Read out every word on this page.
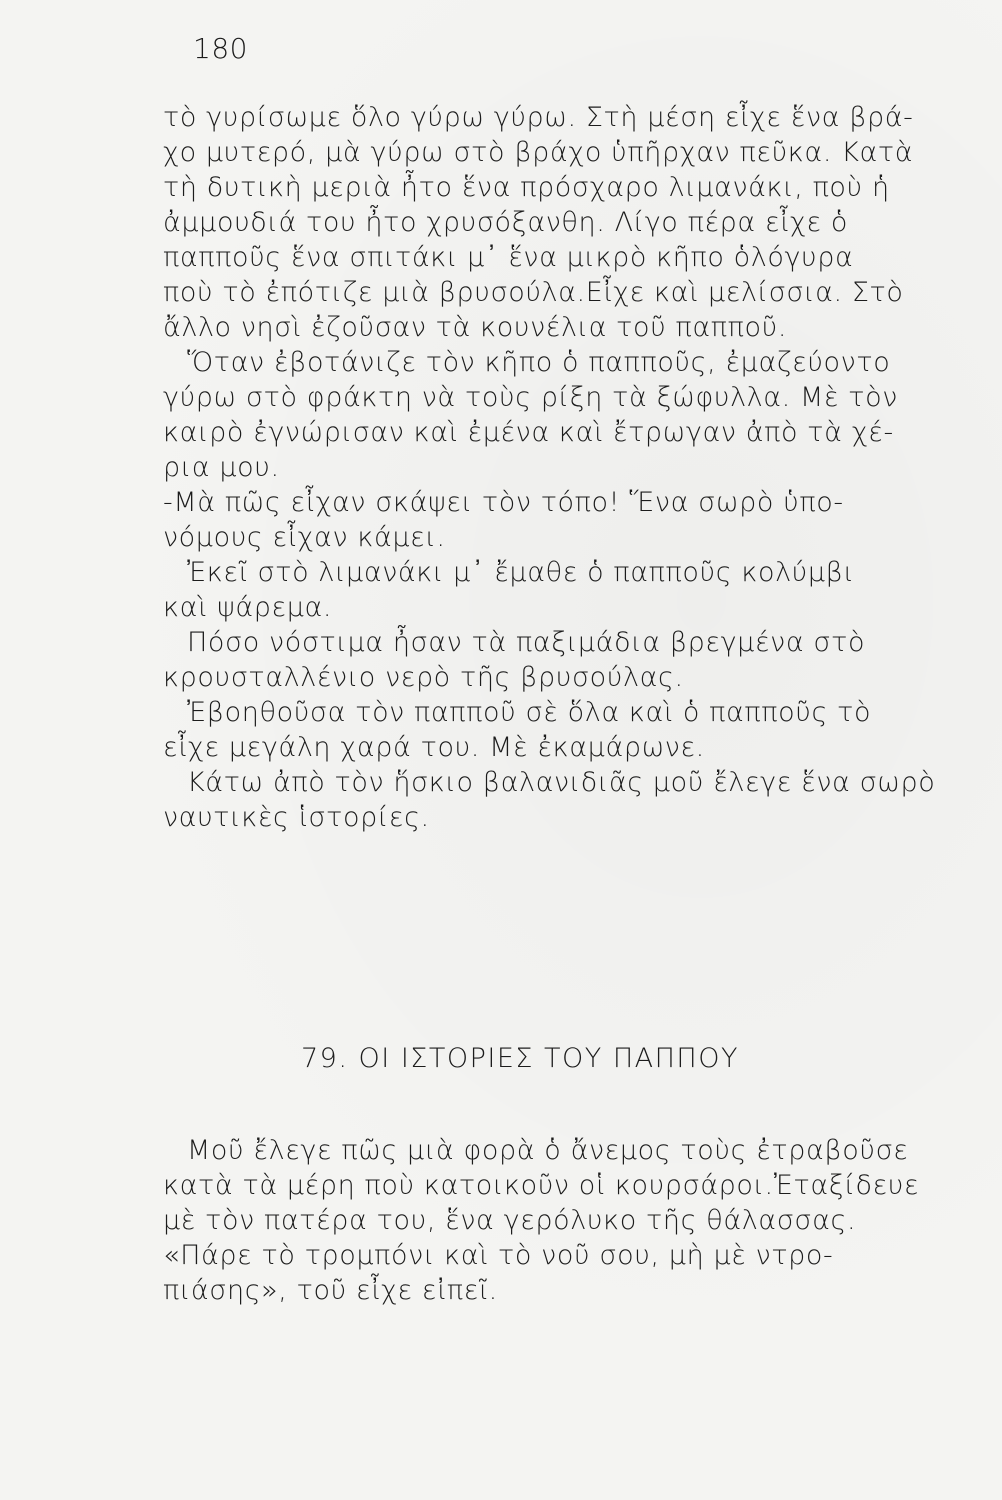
180
τὸ γυρίσωμε ὅλο γύρω γύρω. Στὴ μέση εἶχε ἕνα βρά-
χο μυτερό, μὰ γύρω στὸ βράχο ὑπῆρχαν πεῦκα. Κατὰ
τὴ δυτικὴ μεριὰ ἦτο ἕνα πρόσχαρο λιμανάκι, ποὺ ἡ
ἀμμουδιά του ἦτο χρυσόξανθη. Λίγο πέρα εἶχε ὁ
παπποῦς ἕνα σπιτάκι μ᾽ ἕνα μικρὸ κῆπο ὁλόγυρα
ποὺ τὸ ἐπότιζε μιὰ βρυσούλα.Εἶχε καὶ μελίσσια. Στὸ
ἄλλο νησὶ ἐζοῦσαν τὰ κουνέλια τοῦ παπποῦ.
Ὅταν ἐβοτάνιζε τὸν κῆπο ὁ παπποῦς, ἐμαζεύοντο
γύρω στὸ φράκτη νὰ τοὺς ρίξη τὰ ξώφυλλα. Μὲ τὸν
καιρὸ ἐγνώρισαν καὶ ἐμένα καὶ ἔτρωγαν ἀπὸ τὰ χέ-
ρια μου.
-Μὰ πῶς εἶχαν σκάψει τὸν τόπο! Ἕνα σωρὸ ὑπο-
νόμους εἶχαν κάμει.
Ἐκεῖ στὸ λιμανάκι μ᾽ ἔμαθε ὁ παπποῦς κολύμβι
καὶ ψάρεμα.
Πόσο νόστιμα ἦσαν τὰ παξιμάδια βρεγμένα στὸ
κρουσταλλένιο νερὸ τῆς βρυσούλας.
Ἐβοηθοῦσα τὸν παπποῦ σὲ ὅλα καὶ ὁ παπποῦς τὸ
εἶχε μεγάλη χαρά του. Μὲ ἐκαμάρωνε.
Κάτω ἀπὸ τὸν ἥσκιο βαλανιδιᾶς μοῦ ἔλεγε ἕνα σωρὸ
ναυτικὲς ἱστορίες.
79. ΟΙ ΙΣΤΟΡΙΕΣ ΤΟΥ ΠΑΠΠΟΥ
Μοῦ ἔλεγε πῶς μιὰ φορὰ ὁ ἄνεμος τοὺς ἐτραβοῦσε
κατὰ τὰ μέρη ποὺ κατοικοῦν οἱ κουρσάροι.Ἐταξίδευε
μὲ τὸν πατέρα του, ἕνα γερόλυκο τῆς θάλασσας.
«Πάρε τὸ τρομπόνι καὶ τὸ νοῦ σου, μὴ μὲ ντρο-
πιάσης», τοῦ εἶχε εἰπεῖ.
